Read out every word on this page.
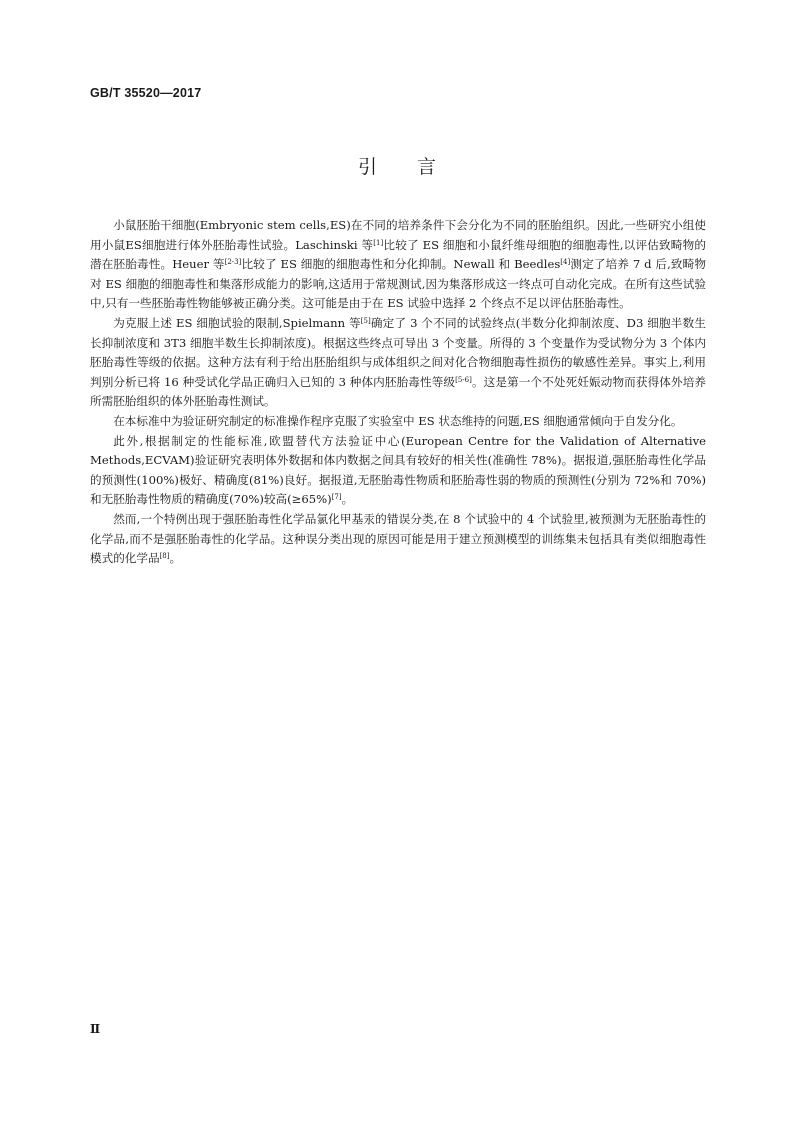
GB/T 35520—2017
引 言

小鼠胚胎干细胞(Embryonic stem cells,ES)在不同的培养条件下会分化为不同的胚胎组织。因此,一些研究小组使用小鼠ES细胞进行体外胚胎毒性试验。Laschinski 等[1]比较了 ES 细胞和小鼠纤维母细胞的细胞毒性,以评估致畸物的潜在胚胎毒性。Heuer 等[2-3]比较了 ES 细胞的细胞毒性和分化抑制。Newall 和 Beedles[4]测定了培养 7 d 后,致畸物对 ES 细胞的细胞毒性和集落形成能力的影响,这适用于常规测试,因为集落形成这一终点可自动化完成。在所有这些试验中,只有一些胚胎毒性物能够被正确分类。这可能是由于在 ES 试验中选择 2 个终点不足以评估胚胎毒性。

为克服上述 ES 细胞试验的限制,Spielmann 等[5]确定了 3 个不同的试验终点(半数分化抑制浓度、D3 细胞半数生长抑制浓度和 3T3 细胞半数生长抑制浓度)。根据这些终点可导出 3 个变量。所得的 3 个变量作为受试物分为 3 个体内胚胎毒性等级的依据。这种方法有利于给出胚胎组织与成体组织之间对化合物细胞毒性损伤的敏感性差异。事实上,利用判别分析已将 16 种受试化学品正确归入已知的 3 种体内胚胎毒性等级[5-6]。这是第一个不处死妊娠动物而获得体外培养所需胚胎组织的体外胚胎毒性测试。

在本标准中为验证研究制定的标准操作程序克服了实验室中 ES 状态维持的问题,ES 细胞通常倾向于自发分化。

此外,根据制定的性能标准,欧盟替代方法验证中心(European Centre for the Validation of Alternative Methods,ECVAM)验证研究表明体外数据和体内数据之间具有较好的相关性(准确性 78%)。据报道,强胚胎毒性化学品的预测性(100%)极好、精确度(81%)良好。据报道,无胚胎毒性物质和胚胎毒性弱的物质的预测性(分别为 72%和 70%)和无胚胎毒性物质的精确度(70%)较高(≥65%)[7]。

然而,一个特例出现于强胚胎毒性化学品氯化甲基汞的错误分类,在 8 个试验中的 4 个试验里,被预测为无胚胎毒性的化学品,而不是强胚胎毒性的化学品。这种误分类出现的原因可能是用于建立预测模型的训练集未包括具有类似细胞毒性模式的化学品[8]。

Ⅱ
